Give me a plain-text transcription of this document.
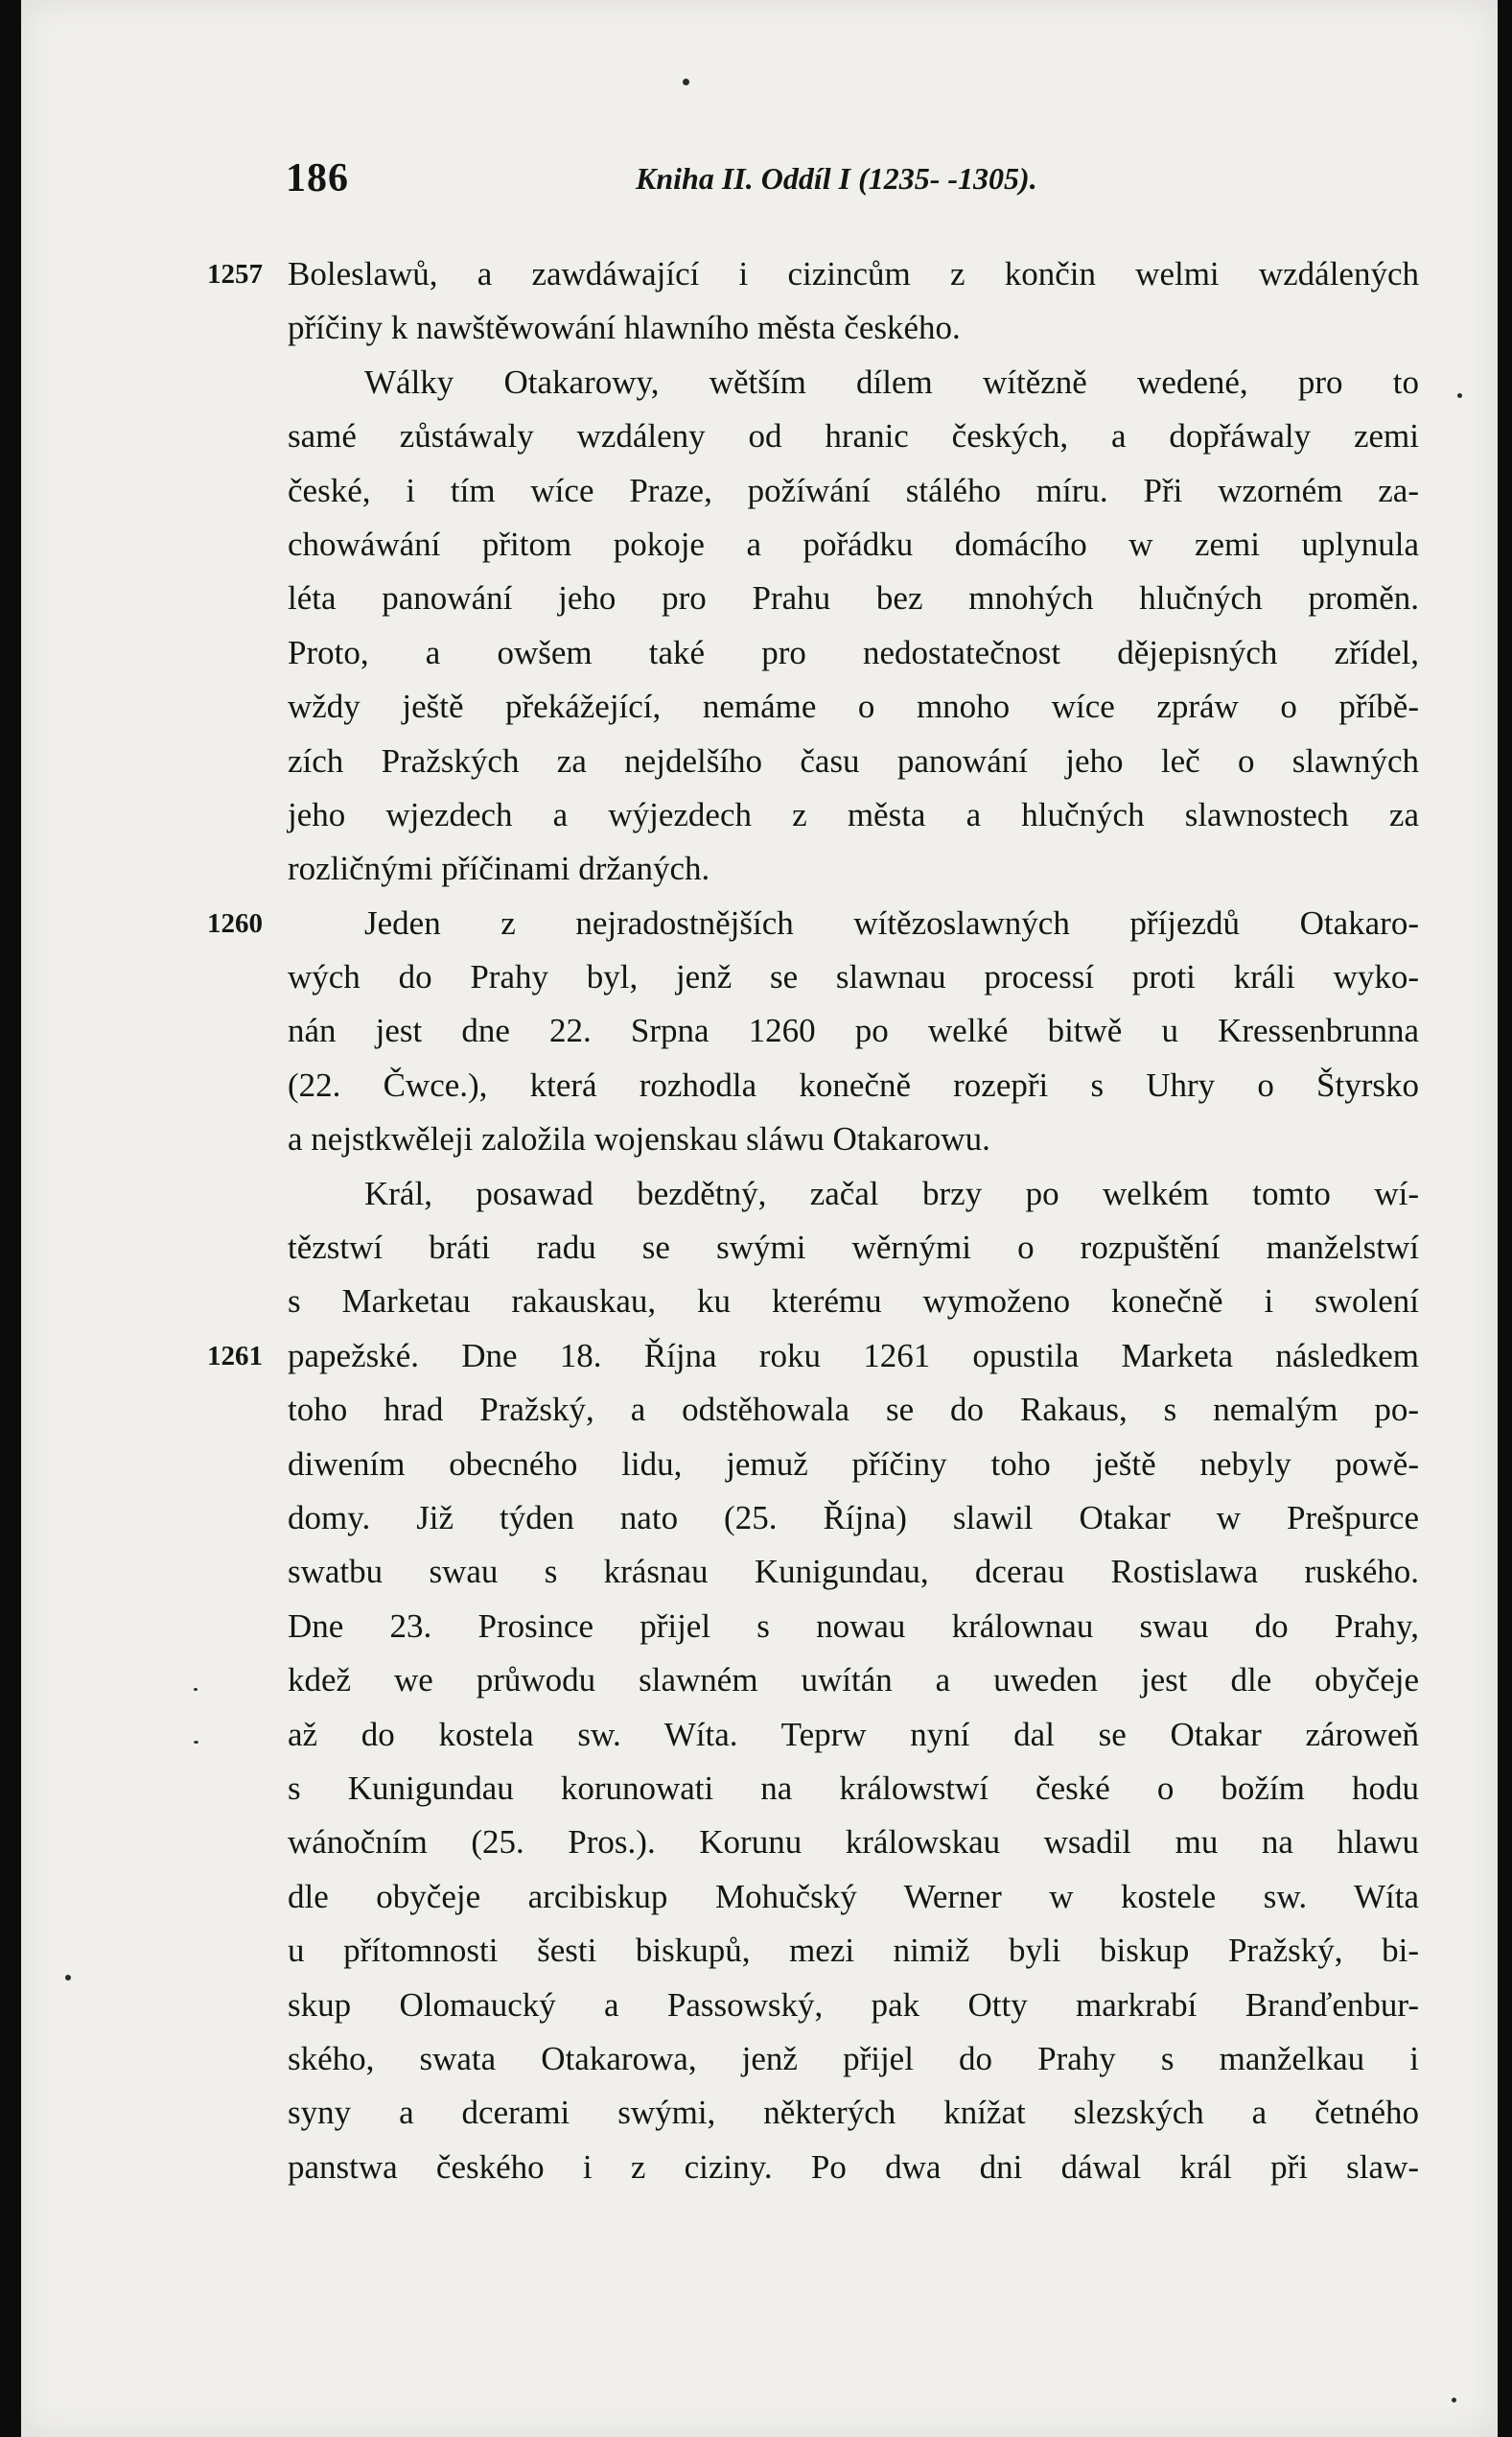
186	Kniha II. Oddíl I (1235- -1305).
1257 Boleslawů, a zawdáwající i cizincům z končin welmi wzdálených
příčiny k nawštěwowání hlawního města českého.
Wálky Otakarowy, wětším dílem wítězně wedené, pro to
samé zůstáwaly wzdáleny od hranic českých, a dopřáwaly zemi
české, i tím wíce Praze, požíwání stálého míru. Při wzorném za-
chowáwání přitom pokoje a pořádku domácího w zemi uplynula
léta panowání jeho pro Prahu bez mnohých hlučných proměn.
Proto, a owšem také pro nedostatečnost dějepisných zřídel,
wždy ještě překážející, nemáme o mnoho wíce zpráw o příbě-
zích Pražských za nejdelšího času panowání jeho leč o slawných
jeho wjezdech a wýjezdech z města a hlučných slawnostech za
rozličnými příčinami držaných.
1260	Jeden z nejradostnějších wítězoslawných příjezdů Otakaro-
wých do Prahy byl, jenž se slawnau processí proti králi wyko-
nán jest dne 22. Srpna 1260 po welké bitwě u Kressenbrunna
(22. Čwce.), která rozhodla konečně rozepři s Uhry o Štyrsko
a nejstkwěleji založila wojenskau sláwu Otakarowu.
Král, posawad bezdětný, začal brzy po welkém tomto wí-
tězstwí bráti radu se swými wěrnými o rozpuštění manželstwí
s Marketau rakauskau, ku kterému wymoženo konečně i swolení
1261 papežské. Dne 18. Října roku 1261 opustila Marketa následkem
toho hrad Pražský, a odstěhowala se do Rakaus, s nemalým po-
diwením obecného lidu, jemuž příčiny toho ještě nebyly powě-
domy. Již týden nato (25. Října) slawil Otakar w Prešpurce
swatbu swau s krásnau Kunigundau, dcerau Rostislawa ruského.
Dne 23. Prosince přijel s nowau králownau swau do Prahy,
kdež we průwodu slawném uwítán a uweden jest dle obyčeje
až do kostela sw. Wíta. Teprw nyní dal se Otakar zároweň
s Kunigundau korunowati na králowstwí české o božím hodu
wánočním (25. Pros.). Korunu králowskau wsadil mu na hlawu
dle obyčeje arcibiskup Mohučský Werner w kostele sw. Wíta
u přítomnosti šesti biskupů, mezi nimiž byli biskup Pražský, bi-
skup Olomaucký a Passowský, pak Otty markrabí Branďenbur-
ského, swata Otakarowa, jenž přijel do Prahy s manželkau i
syny a dcerami swými, některých knížat slezských a četného
panstwa českého i z ciziny. Po dwa dni dáwal král při slaw-
